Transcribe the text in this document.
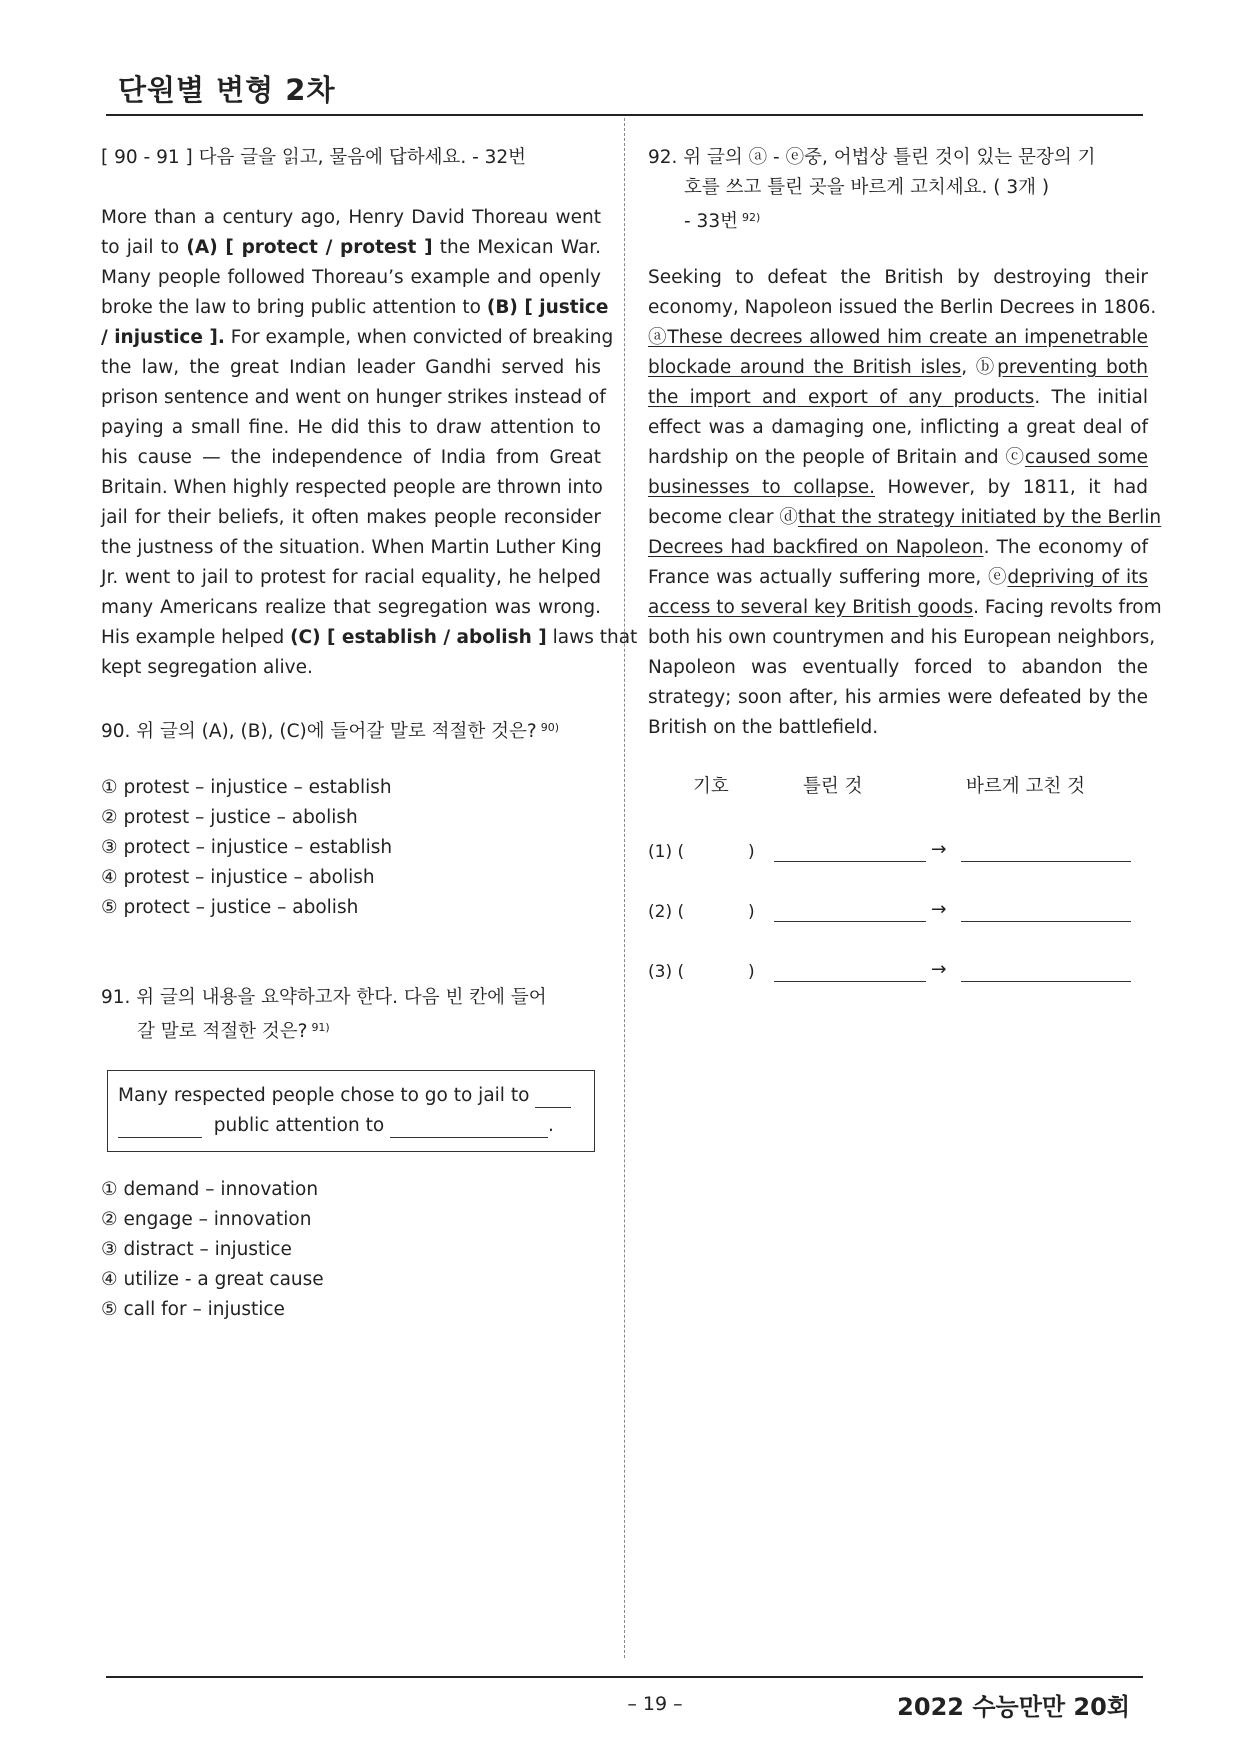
단원별 변형 2차
[ 90 - 91 ] 다음 글을 읽고, 물음에 답하세요. - 32번
More than a century ago, Henry David Thoreau went
to jail to (A) [ protect / protest ] the Mexican War.
Many people followed Thoreau’s example and openly
broke the law to bring public attention to (B) [ justice
/ injustice ]. For example, when convicted of breaking
the law, the great Indian leader Gandhi served his
prison sentence and went on hunger strikes instead of
paying a small fine. He did this to draw attention to
his cause — the independence of India from Great
Britain. When highly respected people are thrown into
jail for their beliefs, it often makes people reconsider
the justness of the situation. When Martin Luther King
Jr. went to jail to protest for racial equality, he helped
many Americans realize that segregation was wrong.
His example helped (C) [ establish / abolish ] laws that
kept segregation alive.
90. 위 글의 (A), (B), (C)에 들어갈 말로 적절한 것은? $^{90)}$
① protest – injustice – establish
② protest – justice – abolish
③ protect – injustice – establish
④ protest – injustice – abolish
⑤ protect – justice – abolish
91. 위 글의 내용을 요약하고자 한다. 다음 빈 칸에 들어
갈 말로 적절한 것은? $^{91)}$
Many respected people chose to go to jail to
public attention to	.
① demand – innovation
② engage – innovation
③ distract – injustice
④ utilize - a great cause
⑤ call for – injustice
92. 위 글의 ⓐ - ⓔ중, 어법상 틀린 것이 있는 문장의 기
호를 쓰고 틀린 곳을 바르게 고치세요. ( 3개 )
- 33번 $^{92)}$
Seeking to defeat the British by destroying their
economy, Napoleon issued the Berlin Decrees in 1806.
ⓐThese decrees allowed him create an impenetrable
blockade around the British isles, ⓑpreventing both
the import and export of any products. The initial
effect was a damaging one, inflicting a great deal of
hardship on the people of Britain and ⓒcaused some
businesses to collapse. However, by 1811, it had
become clear ⓓthat the strategy initiated by the Berlin
Decrees had backfired on Napoleon. The economy of
France was actually suffering more, ⓔdepriving of its
access to several key British goods. Facing revolts from
both his own countrymen and his European neighbors,
Napoleon was eventually forced to abandon the
strategy; soon after, his armies were defeated by the
British on the battlefield.
기호	틀린 것	바르게 고친 것
(1) (	)	→
(2) (	)	→
(3) (	)	→
– 19 –	2022 수능만만 20회
